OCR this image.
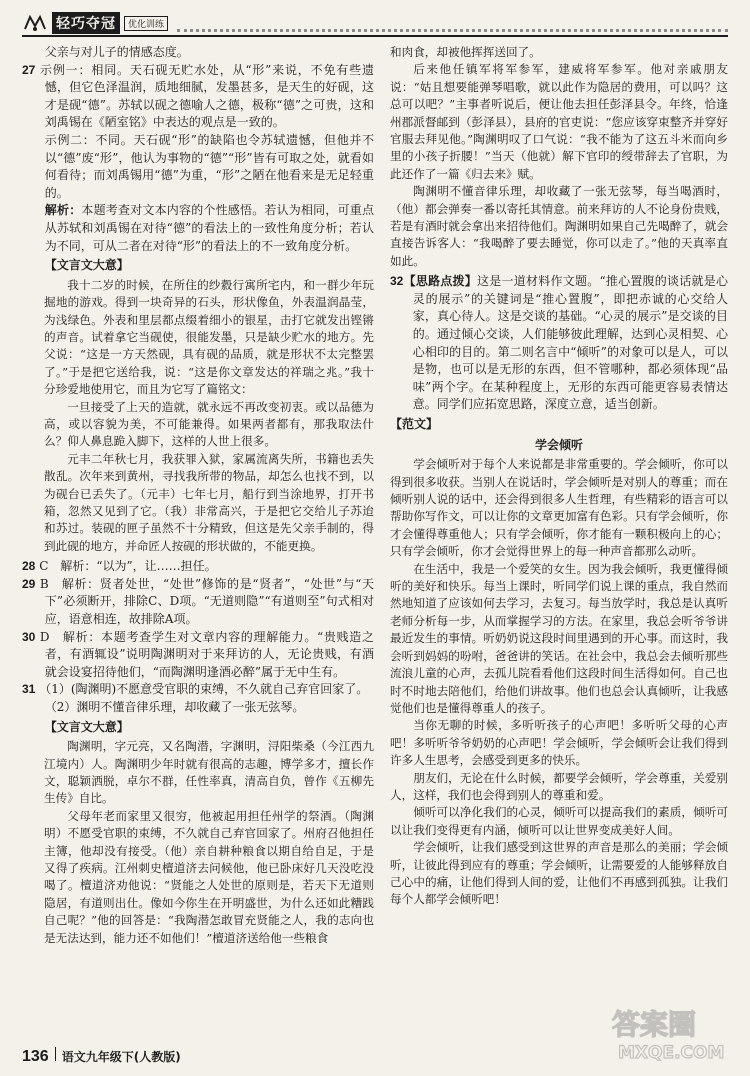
轻巧夺冠	优化训练

父亲与对儿子的情感态度。

27 示例一：相同。天石砚无贮水处，从“形”来说，不免有些遗憾，但它色泽温润，质地细腻，发墨甚多，是天生的好砚，这才是砚“德”。苏轼以砚之德喻人之德，极称“德”之可贵，这和刘禹锡在《陋室铭》中表达的观点是一致的。

示例二：不同。天石砚“形”的缺陷也令苏轼遗憾，但他并不以“德”废“形”，他认为事物的“德”“形”皆有可取之处，就看如何看待；而刘禹锡用“德”为重，“形”之陋在他看来是无足轻重的。

解析：本题考查对文本内容的个性感悟。若认为相同，可重点从苏轼和刘禹锡在对待“德”的看法上的一致性角度分析；若认为不同，可从二者在对待“形”的看法上的不一致角度分析。

【文言文大意】

我十二岁的时候，在所住的纱縠行寓所宅内，和一群少年玩掘地的游戏。得到一块奇异的石头，形状像鱼，外表温润晶莹，为浅绿色。外表和里层都点缀着细小的银星，击打它就发出铿锵的声音。试着拿它当砚使，很能发墨，只是缺少贮水的地方。先父说：“这是一方天然砚，具有砚的品质，就是形状不太完整罢了。”于是把它送给我，说：“这是你文章发达的祥瑞之兆。”我十分珍爱地使用它，而且为它写了篇铭文：

一旦接受了上天的造就，就永远不再改变初衷。或以品德为高，或以容貌为美，不可能兼得。如果两者都有，那我取法什么？仰人鼻息跪入脚下，这样的人世上很多。

元丰二年秋七月，我获罪入狱，家属流离失所，书籍也丢失散乱。次年来到黄州，寻找我所带的物品，却怎么也找不到，以为砚台已丢失了。（元丰）七年七月，船行到当涂地界，打开书箱，忽然又见到了它。（我）非常高兴，于是把它交给儿子苏迨和苏过。装砚的匣子虽然不十分精致，但这是先父亲手制的，得到此砚的地方，并命匠人按砚的形状做的，不能更换。

28 C　解析：“以为”，让……担任。

29 B　解析：贤者处世，“处世”修饰的是“贤者”，“处世”与“天下”必须断开，排除C、D项。“无道则隐”“有道则至”句式相对应，语意相连，故排除A项。

30 D　解析：本题考查学生对文章内容的理解能力。“贵贱造之者，有酒辄设”说明陶渊明对于来拜访的人，无论贵贱，有酒就会设宴招待他们，“而陶渊明逢酒必醉”属于无中生有。

31 （1）(陶渊明)不愿意受官职的束缚，不久就自己弃官回家了。

（2）渊明不懂音律乐理，却收藏了一张无弦琴。

【文言文大意】

陶渊明，字元亮，又名陶潜，字渊明，浔阳柴桑（今江西九江境内）人。陶渊明少年时就有很高的志趣，博学多才，擅长作文，聪颖洒脱，卓尔不群，任性率真，清高自负，曾作《五柳先生传》自比。

父母年老而家里又很穷，他被起用担任州学的祭酒。（陶渊明）不愿受官职的束缚，不久就自己弃官回家了。州府召他担任主簿，他却没有接受。（他）亲自耕种粮食以期自给自足，于是又得了疾病。江州刺史檀道济去问候他，他已卧床好几天没吃没喝了。檀道济劝他说：“贤能之人处世的原则是，若天下无道则隐居，有道则出仕。像如今你生在开明盛世，为什么还如此糟践自己呢？”他的回答是：“我陶潜怎敢冒充贤能之人，我的志向也是无法达到，能力还不如他们！”檀道济送给他一些粮食

和肉食，却被他挥挥送回了。

后来他任镇军将军参军，建威将军参军。他对亲戚朋友说：“姑且想要能弹琴唱歌，就以此作为隐居的费用，可以吗？这总可以吧？”主事者听说后，便让他去担任彭泽县令。年终，恰逢州郡派督邮到（彭泽县），县府的官吏说：“您应该穿束整齐并穿好官服去拜见他。”陶渊明叹了口气说：“我不能为了这五斗米而向乡里的小孩子折腰！”当天（他就）解下官印的绶带辞去了官职，为此还作了一篇《归去来》赋。

陶渊明不懂音律乐理，却收藏了一张无弦琴，每当喝酒时，（他）都会弹奏一番以寄托其情意。前来拜访的人不论身份贵贱，若是有酒时就会拿出来招待他们。陶渊明如果自己先喝醉了，就会直接告诉客人：“我喝醉了要去睡觉，你可以走了。”他的天真率直如此。

32【思路点拨】这是一道材料作文题。“推心置腹的谈话就是心灵的展示”的关键词是“推心置腹”，即把赤诚的心交给人家，真心待人。这是交谈的基础。“心灵的展示”是交谈的目的。通过倾心交谈，人们能够彼此理解，达到心灵相契、心心相印的目的。第二则名言中“倾听”的对象可以是人，可以是物，也可以是无形的东西，但不管哪种，都必须体现“品味”两个字。在某种程度上，无形的东西可能更容易表情达意。同学们应拓宽思路，深度立意，适当创新。

【范文】

学会倾听

学会倾听对于每个人来说都是非常重要的。学会倾听，你可以得到很多收获。当别人在说话时，学会倾听是对别人的尊重；而在倾听别人说的话中，还会得到很多人生哲理，有些精彩的语言可以帮助你写作文，可以让你的文章更加富有色彩。只有学会倾听，你才会懂得尊重他人；只有学会倾听，你才能有一颗积极向上的心；只有学会倾听，你才会觉得世界上的每一种声音都那么动听。

在生活中，我是一个爱笑的女生。因为我会倾听，我更懂得倾听的美好和快乐。每当上课时，听同学们说上课的重点，我自然而然地知道了应该如何去学习，去复习。每当放学时，我总是认真听老师分析每一步，从而掌握学习的方法。在家里，我总会听爷爷讲最近发生的事情。听奶奶说这段时间里遇到的开心事。而这时，我会听到妈妈的吩咐，爸爸讲的笑话。在社会中，我总会去倾听那些流浪儿童的心声，去孤儿院看看他们这段时间生活得如何。自己也时不时地去陪他们，给他们讲故事。他们也总会认真倾听，让我感觉他们也是懂得尊重人的孩子。

当你无聊的时候，多听听孩子的心声吧！多听听父母的心声吧！多听听爷爷奶奶的心声吧！学会倾听，学会倾听会让我们得到许多人生思考，会感受到更多的快乐。

朋友们，无论在什么时候，都要学会倾听，学会尊重，关爱别人，这样，我们也会得到别人的尊重和爱。

倾听可以净化我们的心灵，倾听可以提高我们的素质，倾听可以让我们变得更有内涵，倾听可以让世界变成美好人间。

学会倾听，让我们感受到这世界的声音是那么的美丽；学会倾听，让彼此得到应有的尊重；学会倾听，让需要爱的人能够释放自己心中的痛，让他们得到人间的爱，让他们不再感到孤独。让我们每个人都学会倾听吧！

136 语文九年级下(人教版)
答案圈
MXQE.COM
